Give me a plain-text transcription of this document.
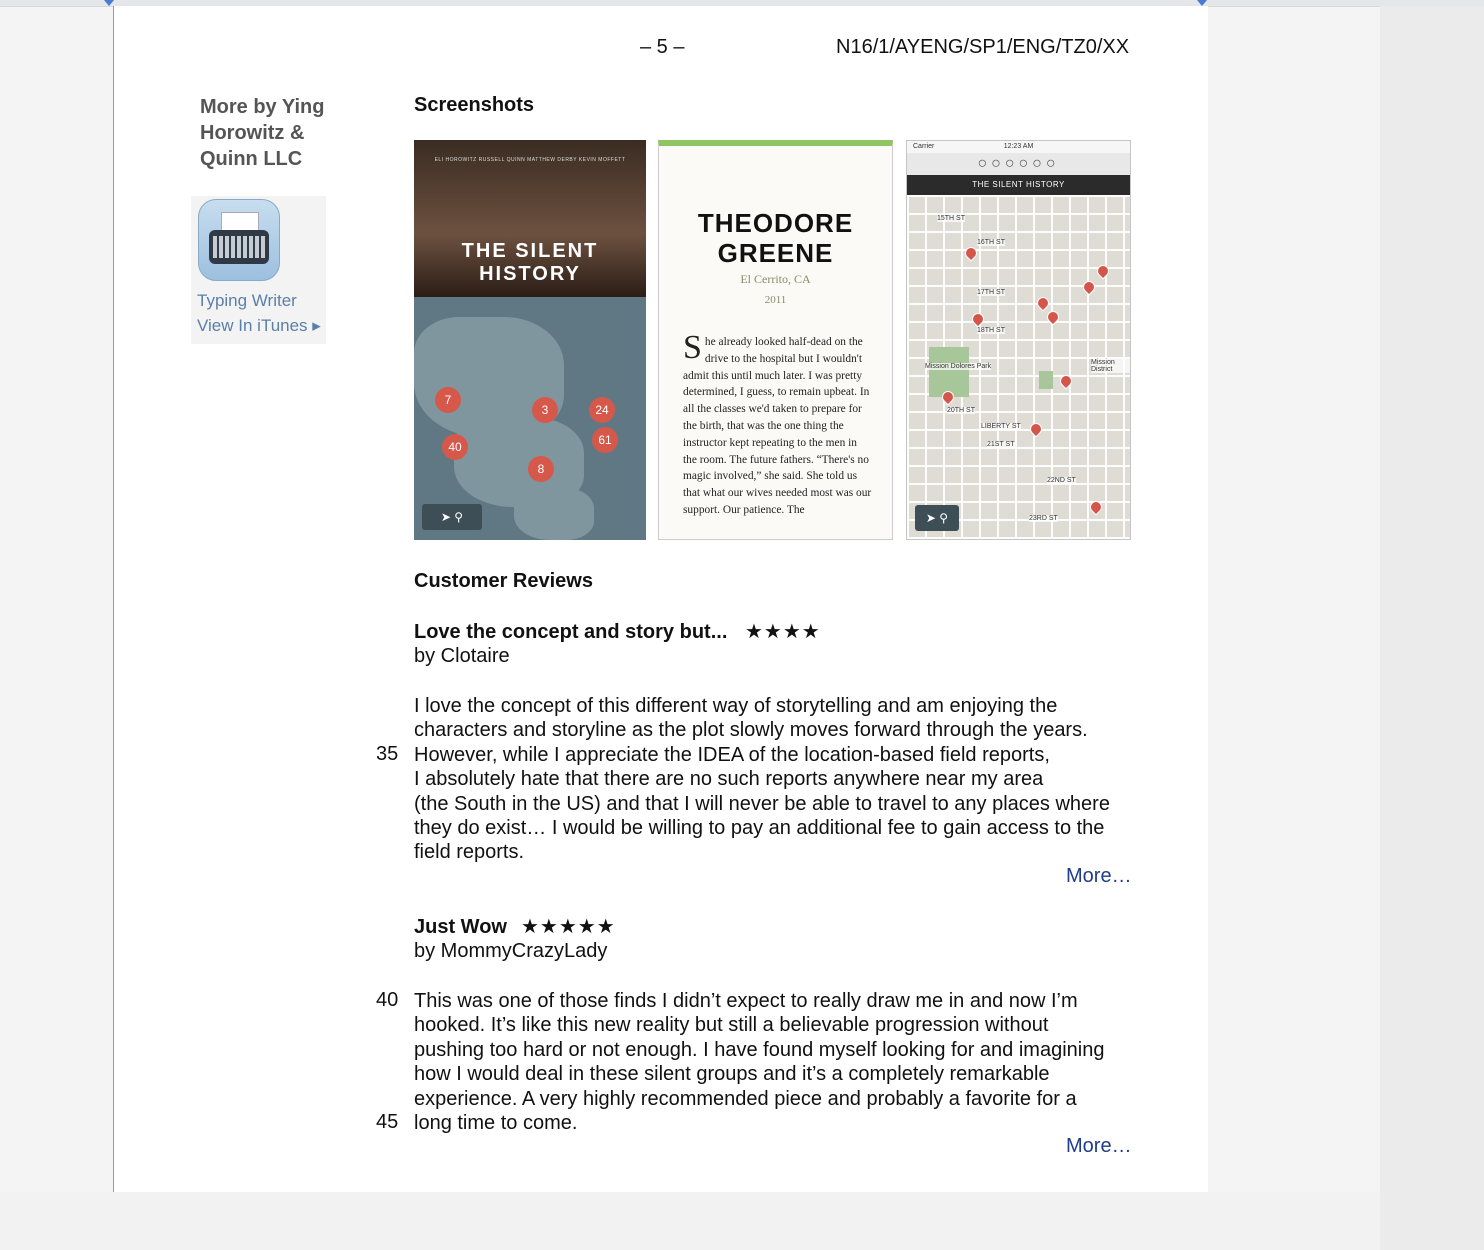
– 5 –	N16/1/AYENG/SP1/ENG/TZ0/XX
More by Ying Horowitz & Quinn LLC
Typing Writer
View In iTunes ▸
Screenshots
ELI HOROWITZ RUSSELL QUINN MATTHEW DERBY KEVIN MOFFETT
THE SILENT HISTORY
7
3	24
61
40
8
➤ ⚲
THEODORE GREENE
El Cerrito, CA
2011
She already looked half-dead on the drive to the hospital but I wouldn't admit this until much later. I was pretty determined, I guess, to remain upbeat. In all the classes we'd taken to prepare for the birth, that was the one thing the instructor kept repeating to the men in the room. The future fathers. “There's no magic involved,” she said. She told us that what our wives needed most was our support. Our patience. The
Carrier	12:23 AM
○○○○○○
THE SILENT HISTORY
15TH ST
16TH ST
17TH ST
18TH ST
Mission Dolores Park
20TH ST
LIBERTY ST
21ST ST
22ND ST
23RD ST
Mission District
➤ ⚲
Customer Reviews
Love the concept and story but... ★★★★
by Clotaire
I love the concept of this different way of storytelling and am enjoying the
characters and storyline as the plot slowly moves forward through the years.
However, while I appreciate the IDEA of the location-based field reports,
I absolutely hate that there are no such reports anywhere near my area
(the South in the US) and that I will never be able to travel to any places where
they do exist… I would be willing to pay an additional fee to gain access to the
field reports.
35
More…
Just Wow ★★★★★
by MommyCrazyLady
This was one of those finds I didn’t expect to really draw me in and now I’m
hooked. It’s like this new reality but still a believable progression without
pushing too hard or not enough. I have found myself looking for and imagining
how I would deal in these silent groups and it’s a completely remarkable
experience. A very highly recommended piece and probably a favorite for a
long time to come.
40
45
More…
